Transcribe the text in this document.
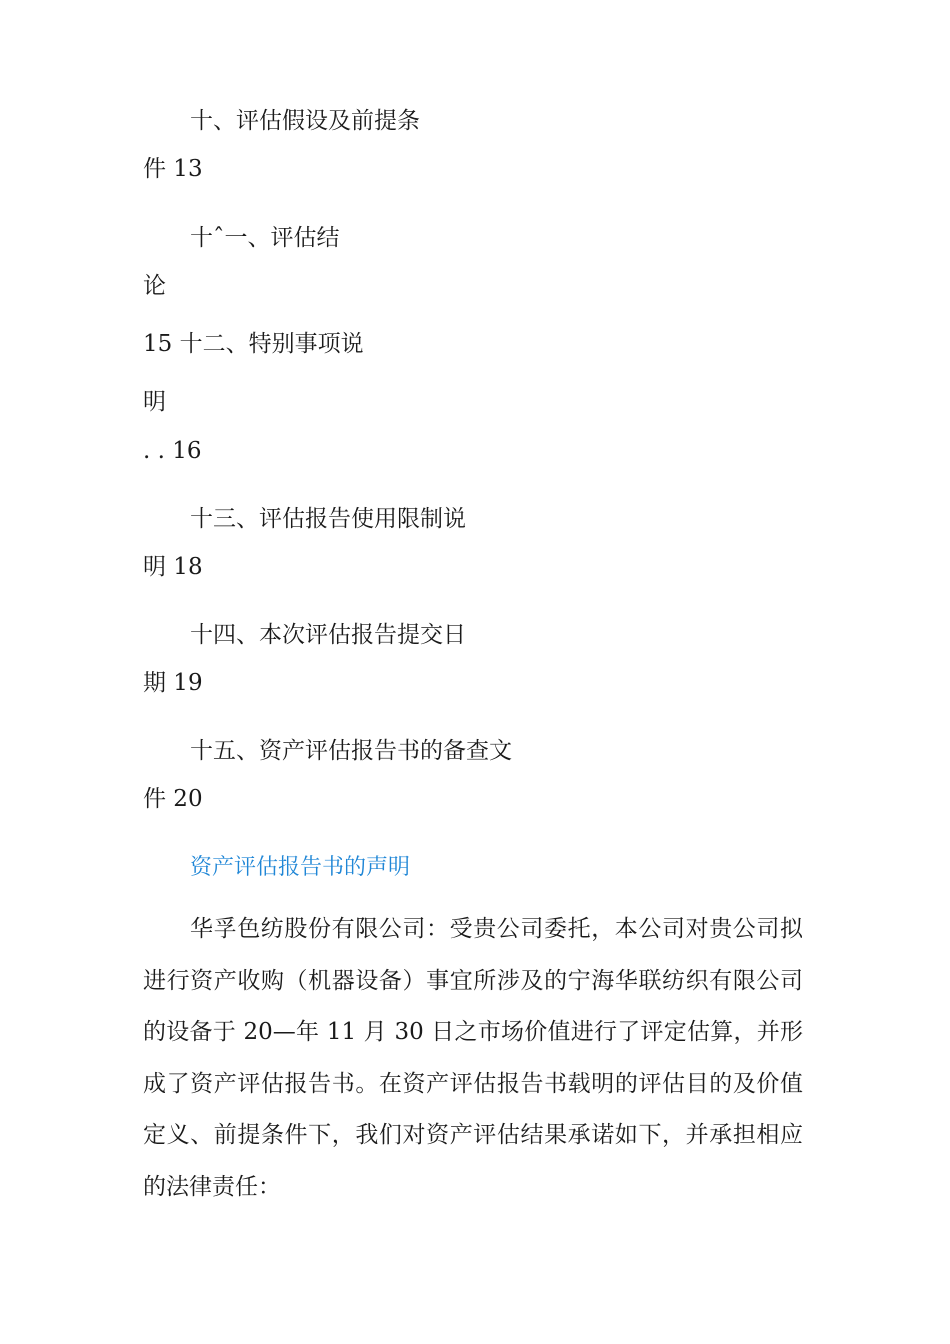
十、评估假设及前提条
件 13
十ˆ一、评估结
论
15 十二、特别事项说
明
. . 16
十三、评估报告使用限制说
明 18
十四、本次评估报告提交日
期 19
十五、资产评估报告书的备查文
件 20
资产评估报告书的声明
华孚色纺股份有限公司：受贵公司委托，本公司对贵公司拟进行资产收购（机器设备）事宜所涉及的宁海华联纺织有限公司的设备于 20—年 11 月 30 日之市场价值进行了评定估算，并形成了资产评估报告书。在资产评估报告书载明的评估目的及价值定义、前提条件下，我们对资产评估结果承诺如下，并承担相应的法律责任：
